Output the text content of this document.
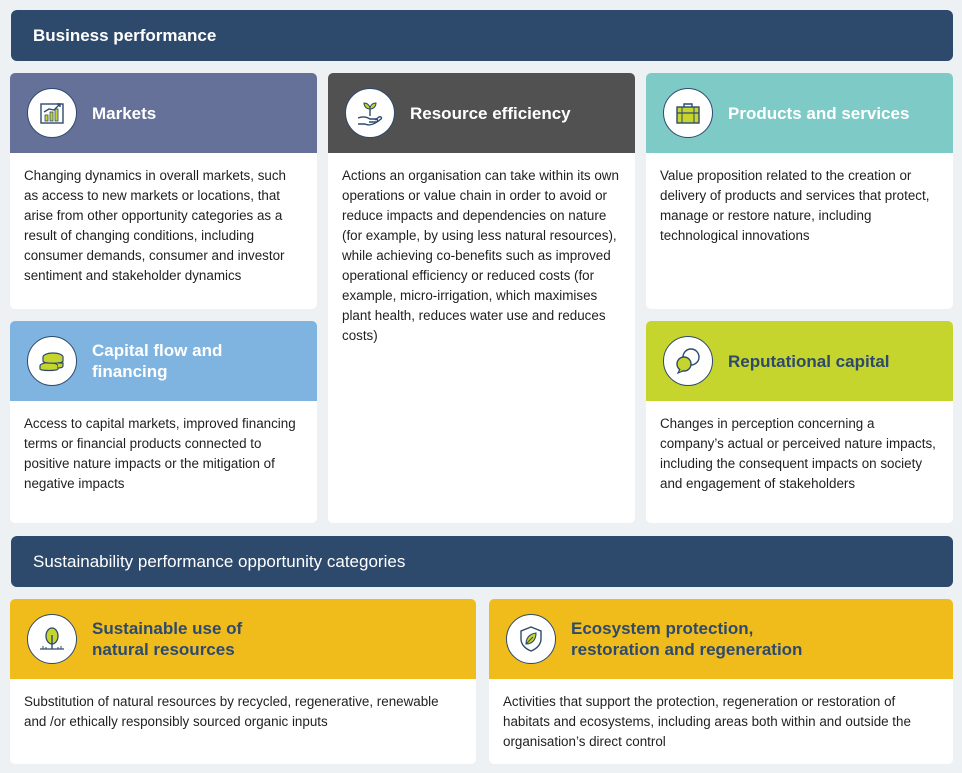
Business performance
Markets
Changing dynamics in overall markets, such as access to new markets or locations, that arise from other opportunity categories as a result of changing conditions, including consumer demands, consumer and investor sentiment and stakeholder dynamics
Resource efficiency
Actions an organisation can take within its own operations or value chain in order to avoid or reduce impacts and dependencies on nature (for example, by using less natural resources), while achieving co-benefits such as improved operational efficiency or reduced costs (for example, micro-irrigation, which maximises plant health, reduces water use and reduces costs)
Products and services
Value proposition related to the creation or delivery of products and services that protect, manage or restore nature, including technological innovations
Capital flow and financing
Access to capital markets, improved financing terms or financial products connected to positive nature impacts or the mitigation of negative impacts
Reputational capital
Changes in perception concerning a company’s actual or perceived nature impacts, including the consequent impacts on society and engagement of stakeholders
Sustainability performance opportunity categories
Sustainable use of natural resources
Substitution of natural resources by recycled, regenerative, renewable and /or ethically responsibly sourced organic inputs
Ecosystem protection, restoration and regeneration
Activities that support the protection, regeneration or restoration of habitats and ecosystems, including areas both within and outside the organisation’s direct control
